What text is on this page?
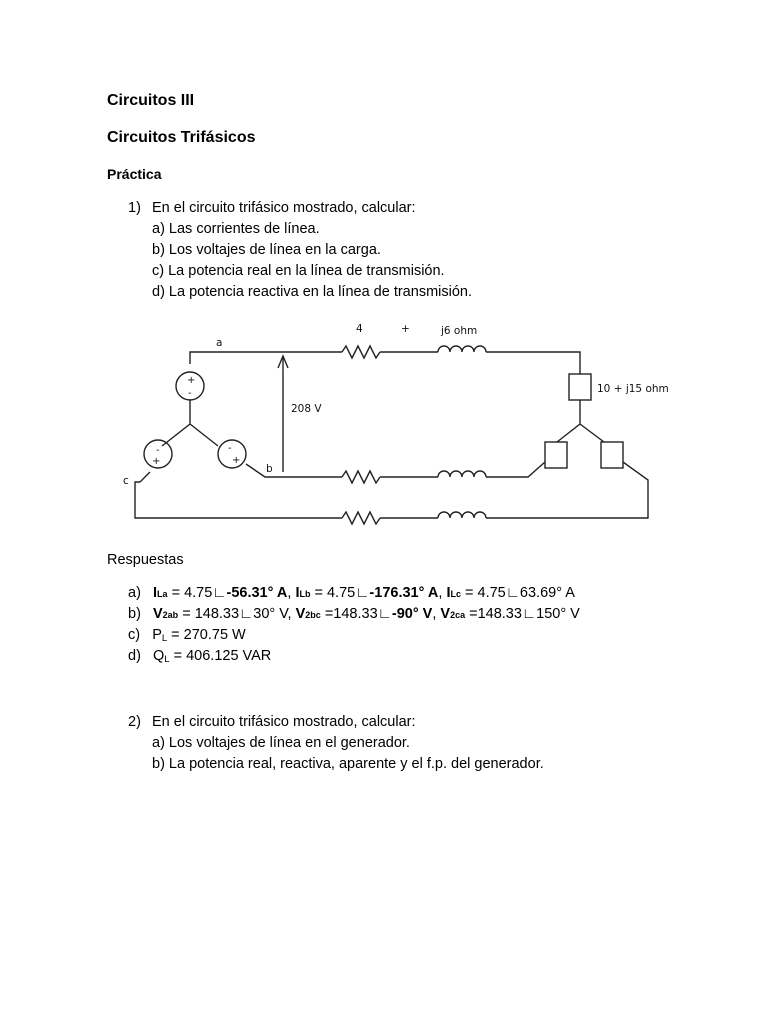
Circuitos III
Circuitos Trifásicos
Práctica
1) En el circuito trifásico mostrado, calcular:
a) Las corrientes de línea.
b) Los voltajes de línea en la carga.
c) La potencia real en la línea de transmisión.
d) La potencia reactiva en la línea de transmisión.
+
-
-
+
-
+
a
b
c
4	+	j6 ohm
10 + j15 ohm
208 V
Respuestas
a) ILa = 4.75∟-56.31° A, ILb = 4.75∟-176.31° A, ILc = 4.75∟63.69° A
b) V2ab = 148.33∟30° V, V2bc =148.33∟-90° V, V2ca =148.33∟150° V
c) $P_L = 270.75$ W
d) $Q_L = 406.125$ VAR
2) En el circuito trifásico mostrado, calcular:
a) Los voltajes de línea en el generador.
b) La potencia real, reactiva, aparente y el f.p. del generador.
